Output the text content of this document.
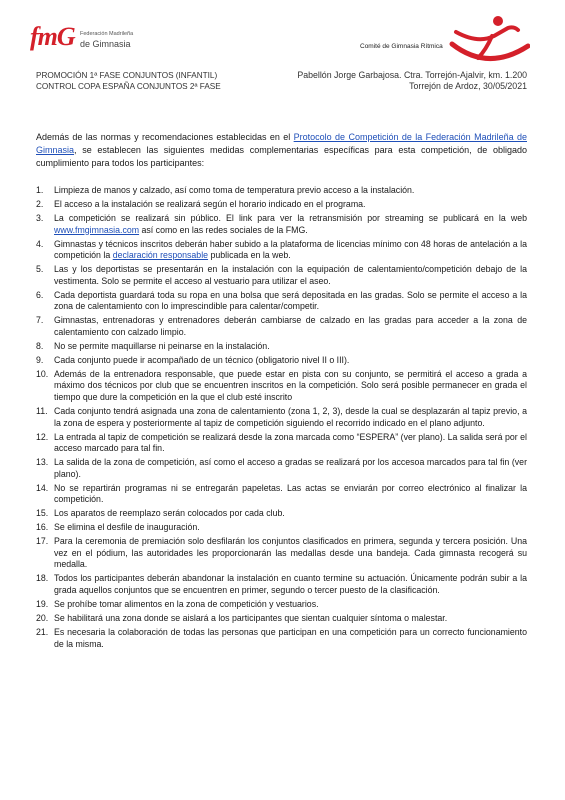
fmG Federación Madrileña
de Gimnasia	Comité de Gimnasia Rítmica
PROMOCIÓN 1ª FASE CONJUNTOS (INFANTIL)
CONTROL COPA ESPAÑA CONJUNTOS 2ª FASE
Pabellón Jorge Garbajosa. Ctra. Torrejón-Ajalvir, km. 1.200
Torrejón de Ardoz, 30/05/2021

Además de las normas y recomendaciones establecidas en el Protocolo de Competición de la Federación Madrileña de Gimnasia, se establecen las siguientes medidas complementarias específicas para esta competición, de obligado cumplimiento para todos los participantes:

1. Limpieza de manos y calzado, así como toma de temperatura previo acceso a la instalación.
2. El acceso a la instalación se realizará según el horario indicado en el programa.
3. La competición se realizará sin público. El link para ver la retransmisión por streaming se publicará en la web www.fmgimnasia.com así como en las redes sociales de la FMG.
4. Gimnastas y técnicos inscritos deberán haber subido a la plataforma de licencias mínimo con 48 horas de antelación a la competición la declaración responsable publicada en la web.
5. Las y los deportistas se presentarán en la instalación con la equipación de calentamiento/competición debajo de la vestimenta. Solo se permite el acceso al vestuario para utilizar el aseo.
6. Cada deportista guardará toda su ropa en una bolsa que será depositada en las gradas. Solo se permite el acceso a la zona de calentamiento con lo imprescindible para calentar/competir.
7. Gimnastas, entrenadoras y entrenadores deberán cambiarse de calzado en las gradas para acceder a la zona de calentamiento con calzado limpio.
8. No se permite maquillarse ni peinarse en la instalación.
9. Cada conjunto puede ir acompañado de un técnico (obligatorio nivel II o III).
10. Además de la entrenadora responsable, que puede estar en pista con su conjunto, se permitirá el acceso a grada a máximo dos técnicos por club que se encuentren inscritos en la competición. Solo será posible permanecer en grada el tiempo que dure la competición en la que el club esté inscrito
11. Cada conjunto tendrá asignada una zona de calentamiento (zona 1, 2, 3), desde la cual se desplazarán al tapiz previo, a la zona de espera y posteriormente al tapiz de competición siguiendo el recorrido indicado en el plano adjunto.
12. La entrada al tapiz de competición se realizará desde la zona marcada como “ESPERA” (ver plano). La salida será por el acceso marcado para tal fin.
13. La salida de la zona de competición, así como el acceso a gradas se realizará por los accesoa marcados para tal fin (ver plano).
14. No se repartirán programas ni se entregarán papeletas. Las actas se enviarán por correo electrónico al finalizar la competición.
15. Los aparatos de reemplazo serán colocados por cada club.
16. Se elimina el desfile de inauguración.
17. Para la ceremonia de premiación solo desfilarán los conjuntos clasificados en primera, segunda y tercera posición. Una vez en el pódium, las autoridades les proporcionarán las medallas desde una bandeja. Cada gimnasta recogerá su medalla.
18. Todos los participantes deberán abandonar la instalación en cuanto termine su actuación. Únicamente podrán subir a la grada aquellos conjuntos que se encuentren en primer, segundo o tercer puesto de la clasificación.
19. Se prohíbe tomar alimentos en la zona de competición y vestuarios.
20. Se habilitará una zona donde se aislará a los participantes que sientan cualquier síntoma o malestar.
21. Es necesaria la colaboración de todas las personas que participan en una competición para un correcto funcionamiento de la misma.
